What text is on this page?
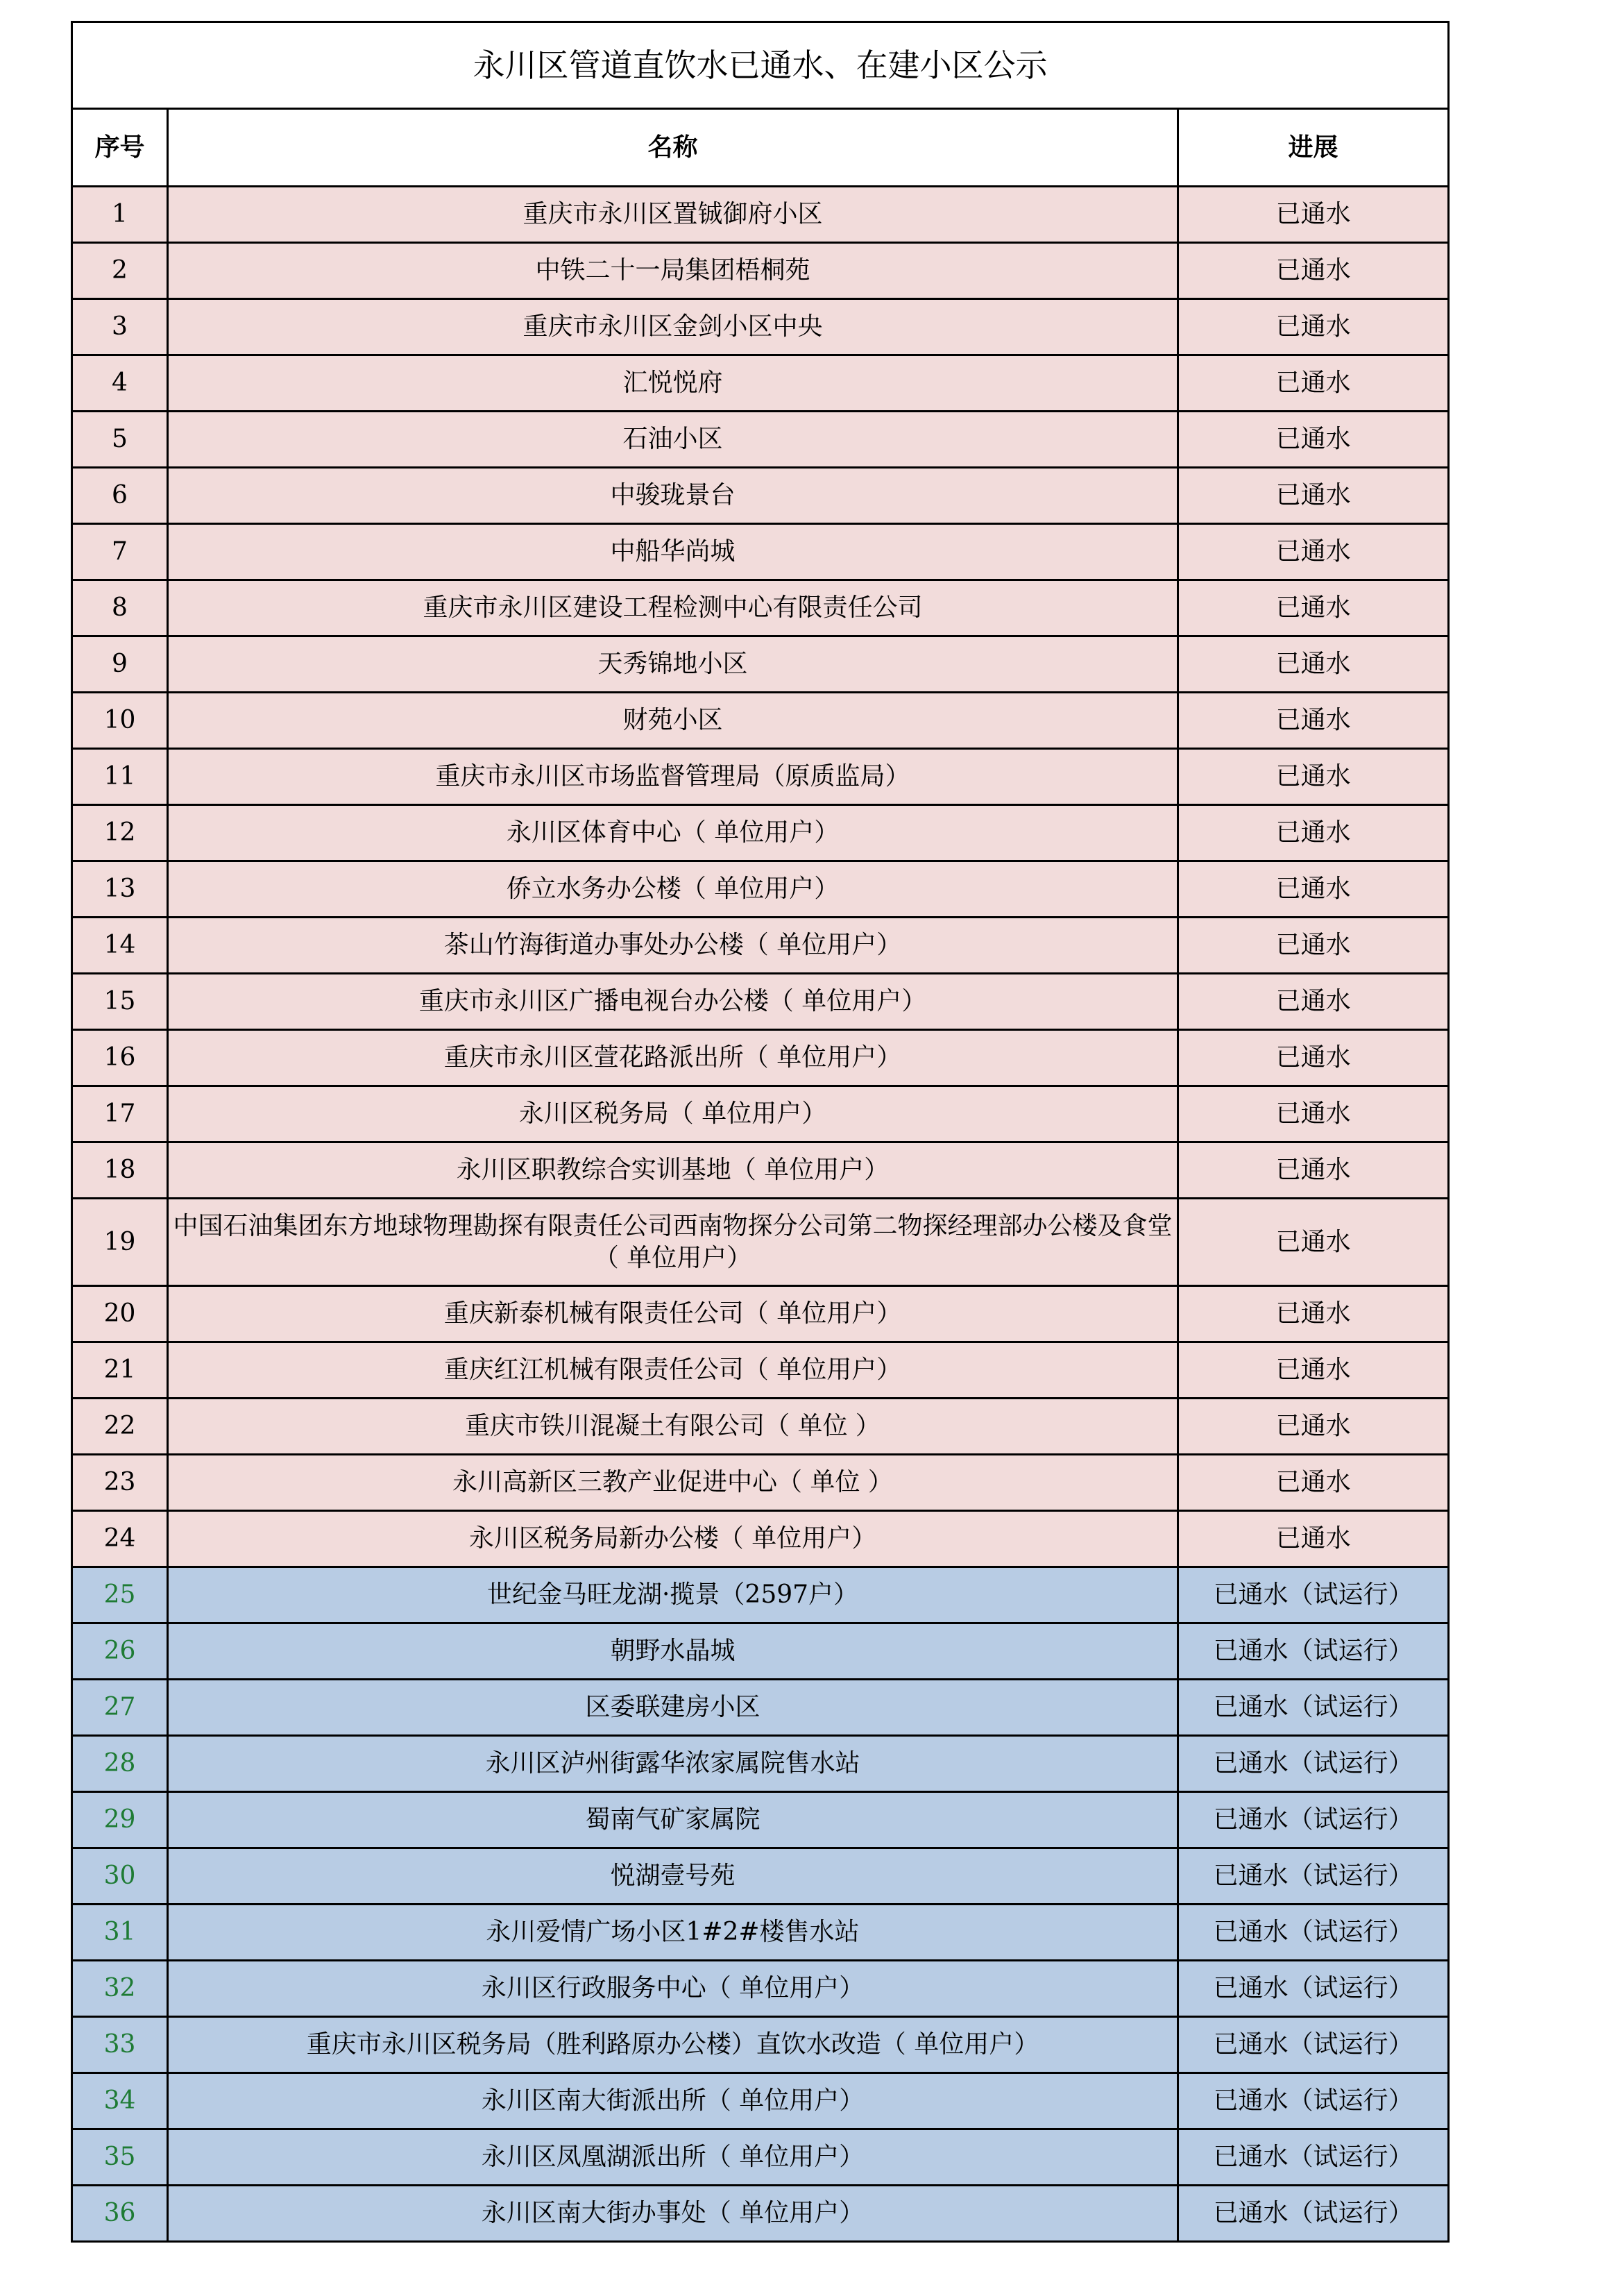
永川区管道直饮水已通水、在建小区公示		
序号	名称	进展
1	重庆市永川区置铖御府小区	已通水
2	中铁二十一局集团梧桐苑	已通水
3	重庆市永川区金剑小区中央	已通水
4	汇悦悦府	已通水
5	石油小区	已通水
6	中骏珑景台	已通水
7	中船华尚城	已通水
8	重庆市永川区建设工程检测中心有限责任公司	已通水
9	天秀锦地小区	已通水
10	财苑小区	已通水
11	重庆市永川区市场监督管理局（原质监局）	已通水
12	永川区体育中心（ 单位用户）	已通水
13	侨立水务办公楼（ 单位用户）	已通水
14	茶山竹海街道办事处办公楼（ 单位用户）	已通水
15	重庆市永川区广播电视台办公楼（ 单位用户）	已通水
16	重庆市永川区萱花路派出所（ 单位用户）	已通水
17	永川区税务局（ 单位用户）	已通水
18	永川区职教综合实训基地（ 单位用户）	已通水
19	中国石油集团东方地球物理勘探有限责任公司西南物探分公司第二物探经理部办公楼及食堂（ 单位用户）	已通水
20	重庆新泰机械有限责任公司（ 单位用户）	已通水
21	重庆红江机械有限责任公司（ 单位用户）	已通水
22	重庆市铁川混凝土有限公司（ 单位 ）	已通水
23	永川高新区三教产业促进中心（ 单位 ）	已通水
24	永川区税务局新办公楼（ 单位用户）	已通水
25	世纪金马旺龙湖·揽景（2597户）	已通水（试运行）
26	朝野水晶城	已通水（试运行）
27	区委联建房小区	已通水（试运行）
28	永川区泸州街露华浓家属院售水站	已通水（试运行）
29	蜀南气矿家属院	已通水（试运行）
30	悦湖壹号苑	已通水（试运行）
31	永川爱情广场小区1#2#楼售水站	已通水（试运行）
32	永川区行政服务中心（ 单位用户）	已通水（试运行）
33	重庆市永川区税务局（胜利路原办公楼）直饮水改造（ 单位用户）	已通水（试运行）
34	永川区南大街派出所（ 单位用户）	已通水（试运行）
35	永川区凤凰湖派出所（ 单位用户）	已通水（试运行）
36	永川区南大街办事处（ 单位用户）	已通水（试运行）
